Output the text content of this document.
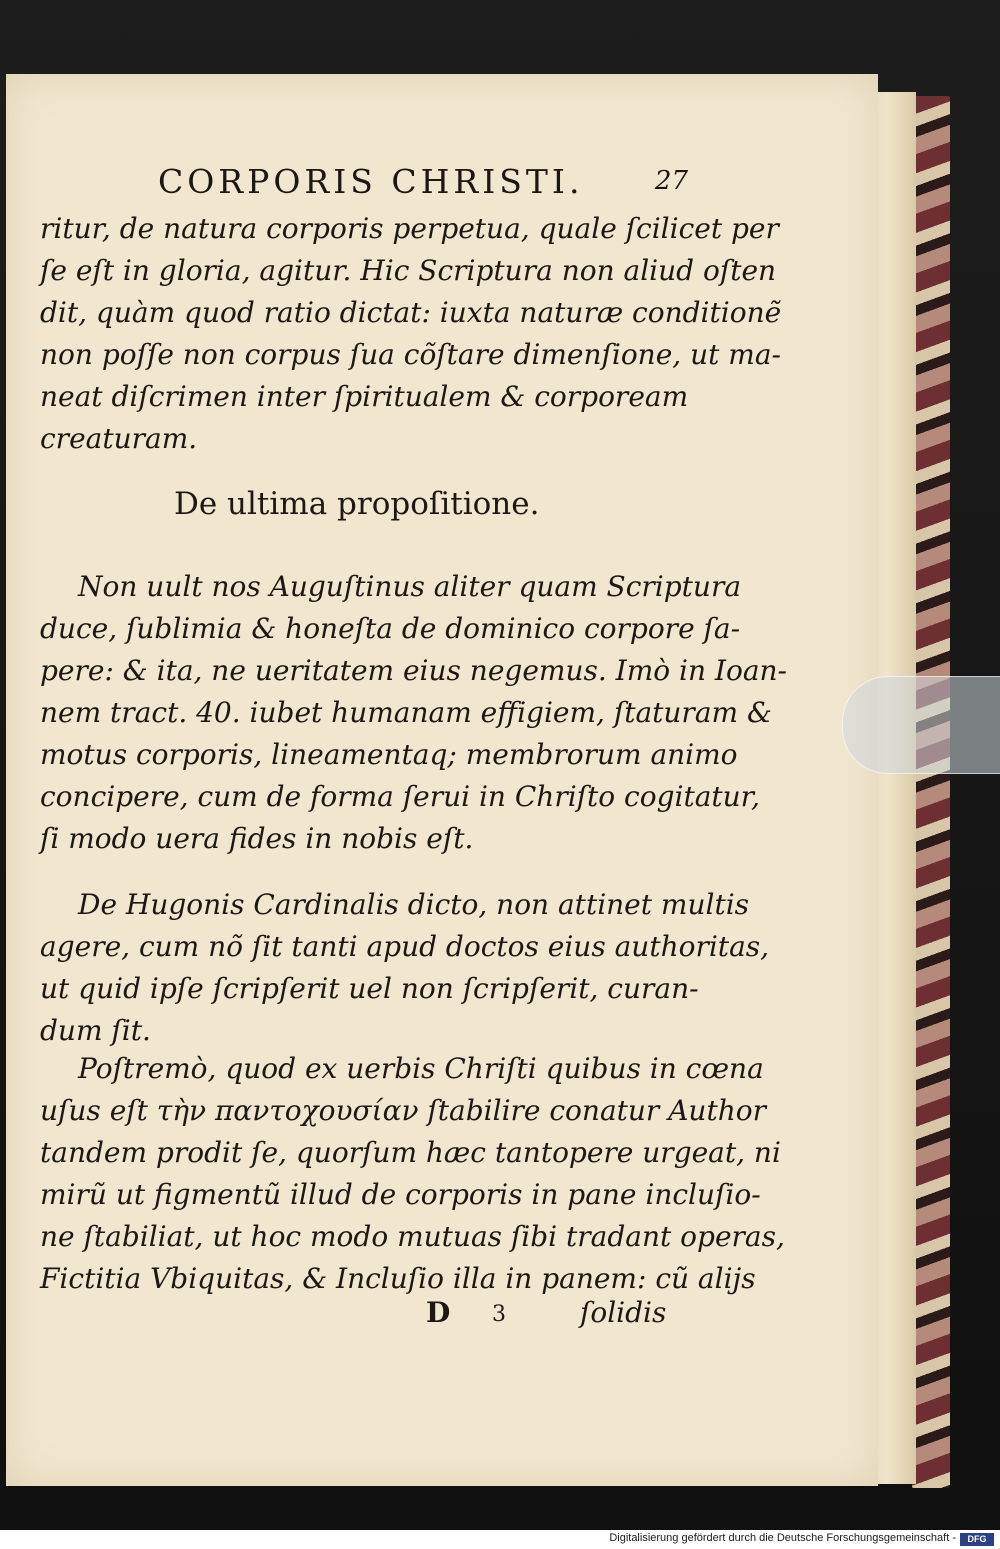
CORPORIS CHRISTI.	27
ritur, de natura corporis perpetua, quale ſcilicet per
ſe eſt in gloria, agitur. Hic Scriptura non aliud oſten
dit, quàm quod ratio dictat: iuxta naturæ conditionẽ
non poſſe non corpus ſua cõſtare dimenſione, ut ma-
neat diſcrimen inter ſpiritualem & corpoream
creaturam.
De ultima propoſitione.
Non uult nos Auguſtinus aliter quam Scriptura
duce, ſublimia & honeſta de dominico corpore ſa-
pere: & ita, ne ueritatem eius negemus. Imò in Ioan-
nem tract. 40. iubet humanam effigiem, ſtaturam &
motus corporis, lineamentaq; membrorum animo
concipere, cum de forma ſerui in Chriſto cogitatur,
ſi modo uera fides in nobis eſt.
De Hugonis Cardinalis dicto, non attinet multis
agere, cum nõ ſit tanti apud doctos eius authoritas,
ut quid ipſe ſcripſerit uel non ſcripſerit, curan-
dum ſit.
Poſtremò, quod ex uerbis Chriſti quibus in cœna
uſus eſt τὴν παντοχουσίαν ſtabilire conatur Author
tandem prodit ſe, quorſum hæc tantopere urgeat, ni
mirũ ut figmentũ illud de corporis in pane incluſio-
ne ſtabiliat, ut hoc modo mutuas ſibi tradant operas,
Fictitia Vbiquitas, & Incluſio illa in panem: cũ alijs
D 3	ſolidis
Digitalisierung gefördert durch die Deutsche Forschungsgemeinschaft -	DFG
